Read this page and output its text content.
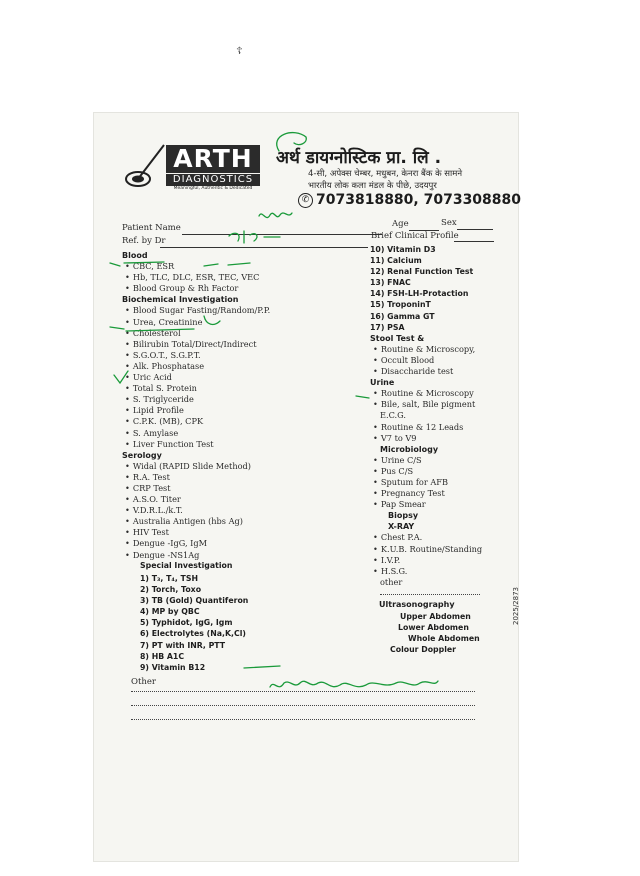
☦
ARTH
DIAGNOSTICS
Meaningful, Authentic & Dedicated
अर्थ डायग्नोस्टिक प्रा. लि .
4-सी, अपेक्स चेम्बर, मधुबन, केनरा बैंक के सामने
भारतीय लोक कला मंडल के पीछे, उदयपुर
✆ 7073818880, 7073308880
Patient Name	Age	Sex
Ref. by Dr	Brief Clinical Profile
Blood
• CBC, ESR
• Hb, TLC, DLC, ESR, TEC, VEC
• Blood Group & Rh Factor
Biochemical Investigation
• Blood Sugar Fasting/Random/P.P.
• Urea, Creatinine
• Cholesterol
• Bilirubin Total/Direct/Indirect
• S.G.O.T., S.G.P.T.
• Alk. Phosphatase
• Uric Acid
• Total S. Protein
• S. Triglyceride
• Lipid Profile
• C.P.K. (MB), CPK
• S. Amylase
• Liver Function Test
Serology
• Widal (RAPID Slide Method)
• R.A. Test
• CRP Test
• A.S.O. Titer
• V.D.R.L./k.T.
• Australia Antigen (hbs Ag)
• HIV Test
• Dengue -IgG, IgM
• Dengue -NS1Ag
Special Investigation
1) T₃, T₄, TSH
2) Torch, Toxo
3) TB (Gold) Quantiferon
4) MP by QBC
5) Typhidot, IgG, Igm
6) Electrolytes (Na,K,Cl)
7) PT with INR, PTT
8) HB A1C
9) Vitamin B12
10) Vitamin D3
11) Calcium
12) Renal Function Test
13) FNAC
14) FSH-LH-Protaction
15) TroponinT
16) Gamma GT
17) PSA
Stool Test &
• Routine & Microscopy,
• Occult Blood
• Disaccharide test
Urine
• Routine & Microscopy
• Bile, salt, Bile pigment
E.C.G.
• Routine & 12 Leads
• V7 to V9
Microbiology
• Urine C/S
• Pus C/S
• Sputum for AFB
• Pregnancy Test
• Pap Smear
Biopsy
X-RAY
• Chest P.A.
• K.U.B. Routine/Standing
• I.V.P.
• H.S.G.
other
Ultrasonography
Upper Abdomen
Lower Abdomen
Whole Abdomen
Colour Doppler
2025/2873
Other
